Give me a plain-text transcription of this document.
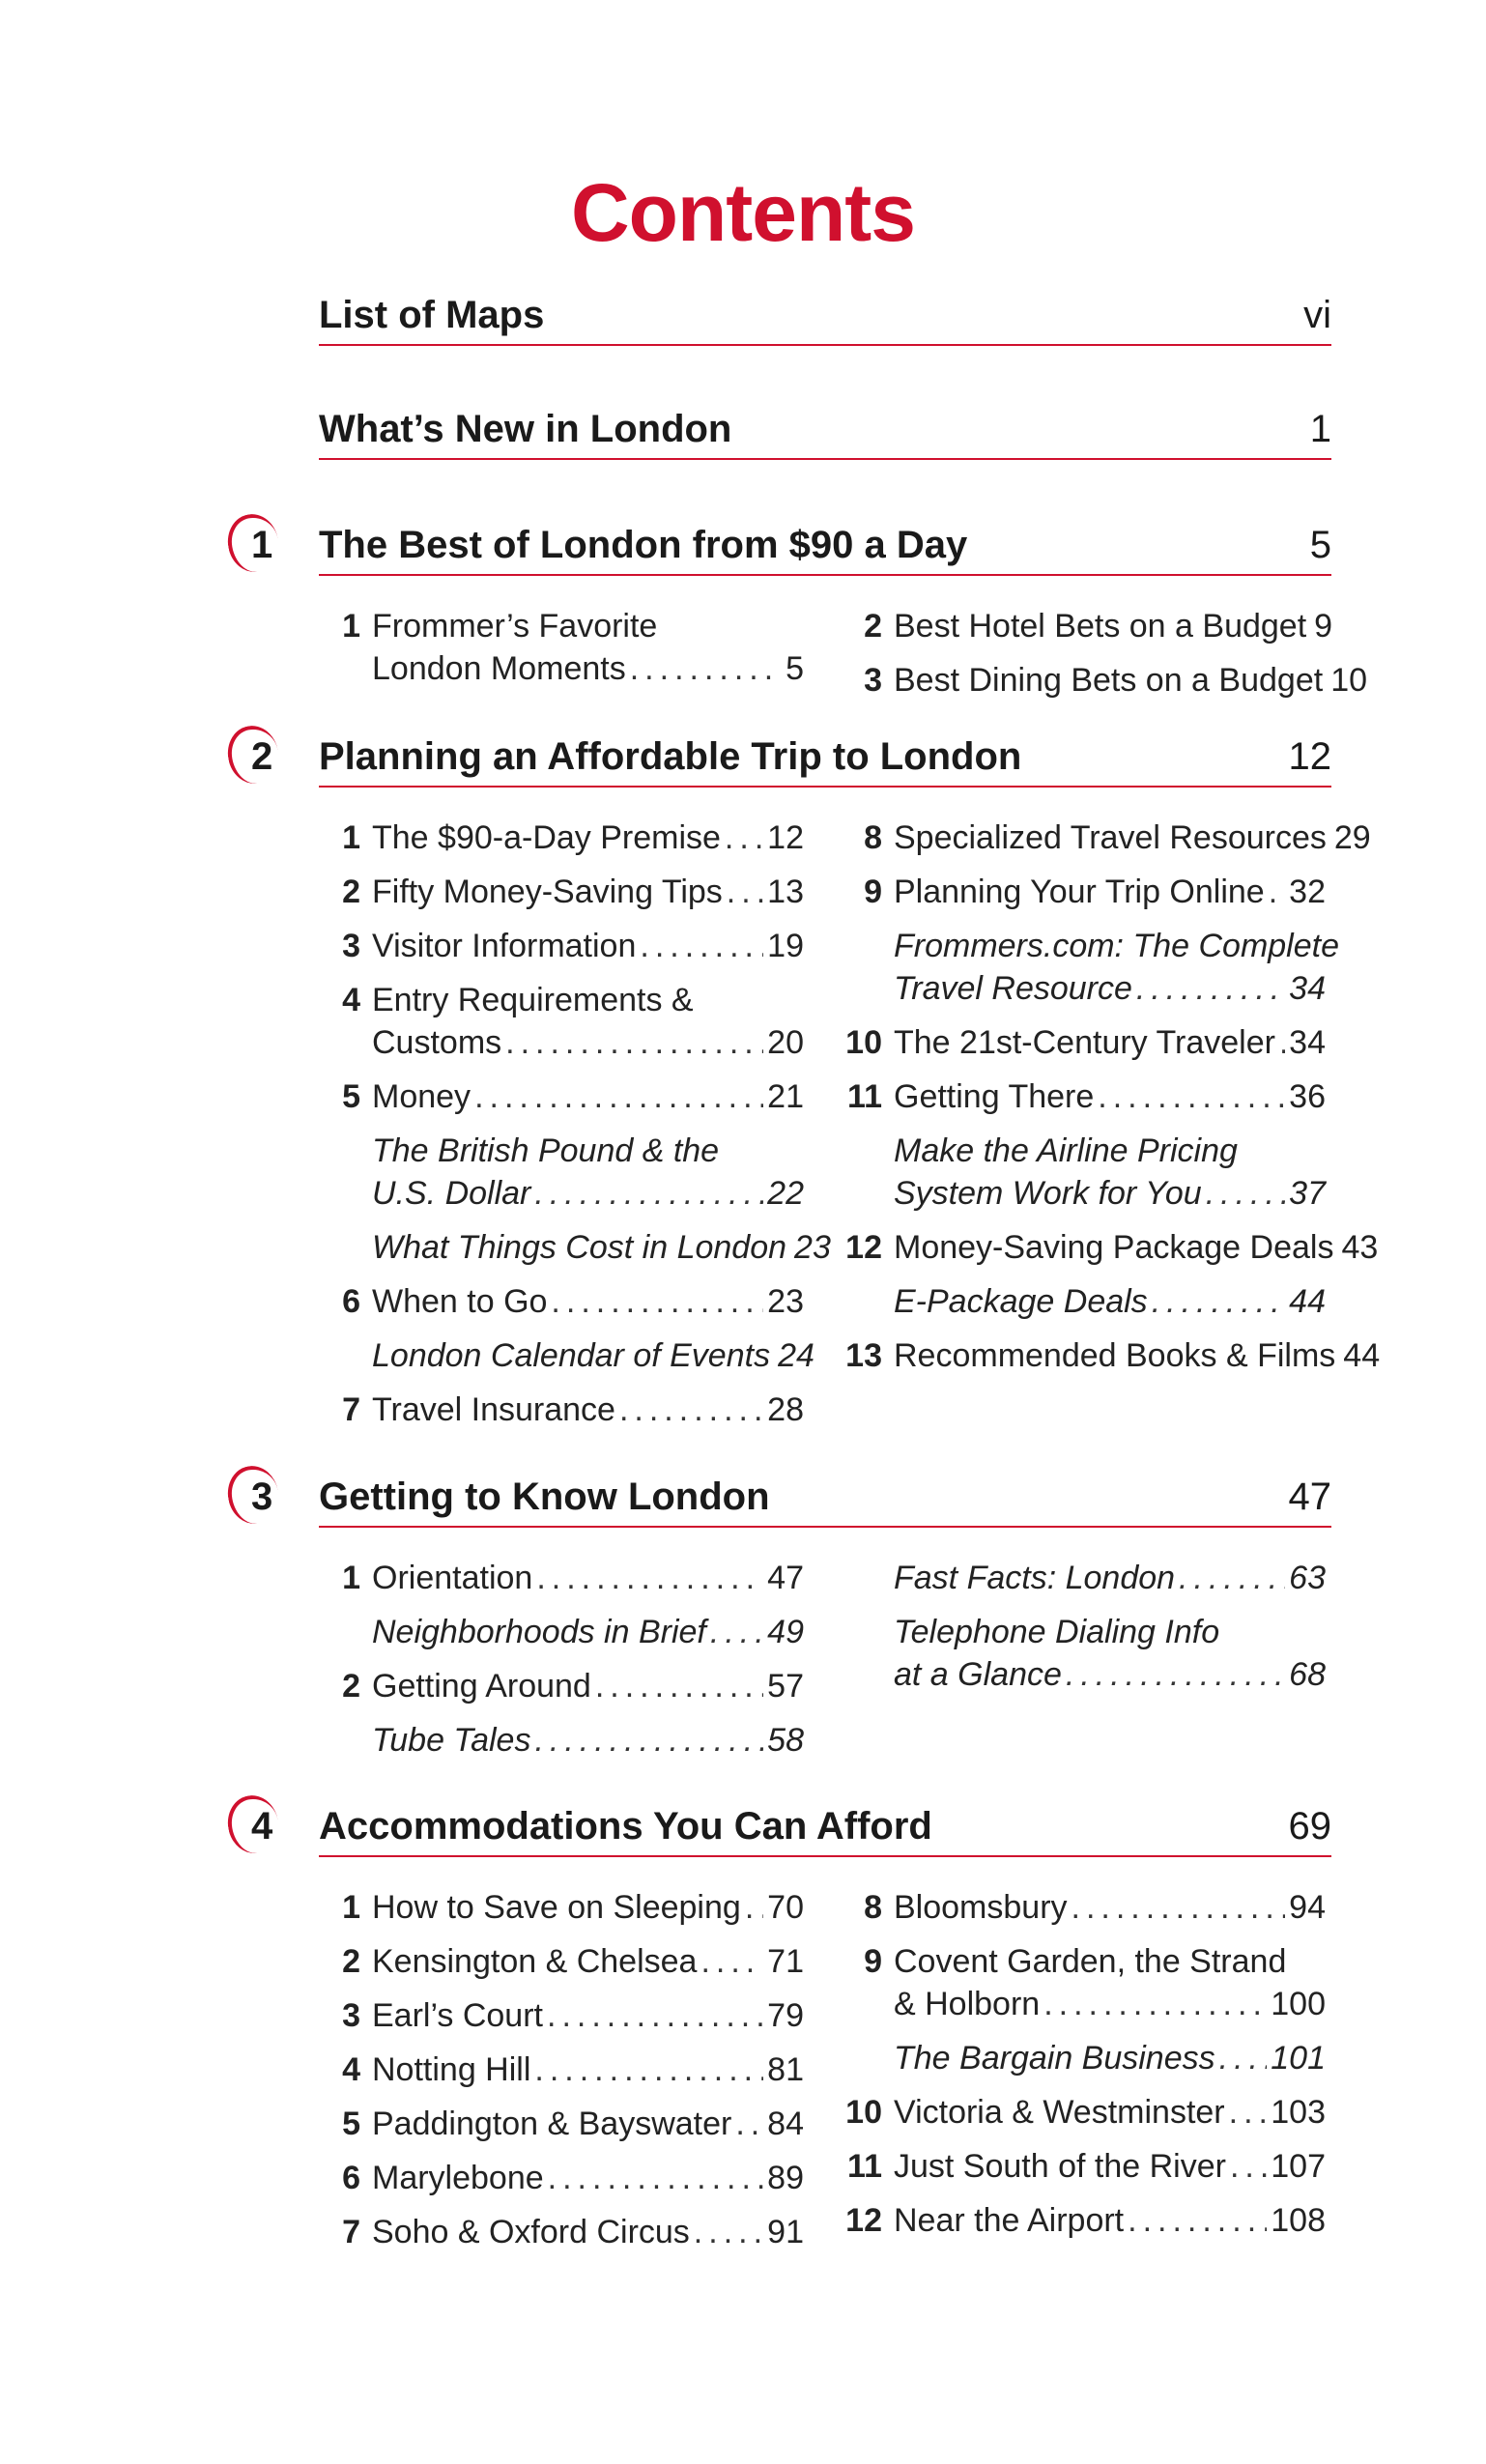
Contents
List of Maps	vi
What’s New in London	1
1 The Best of London from $90 a Day	5
1 Frommer’s Favorite
London Moments .....	5
2 Best Hotel Bets on a Budget 9
3 Best Dining Bets on a Budget 10
2 Planning an Affordable Trip to London	12
1 The $90-a-Day Premise ..... 12
2 Fifty Money-Saving Tips ..... 13
3 Visitor Information .....	19
4 Entry Requirements &
Customs .....	20
5 Money .....	21
The British Pound & the
U.S. Dollar .....	22
What Things Cost in London 23
6 When to Go .....	23
London Calendar of Events 24
7 Travel Insurance .....	28
8 Specialized Travel Resources 29
9 Planning Your Trip Online ..... 32
Frommers.com: The Complete
Travel Resource .....	34
10 The 21st-Century Traveler ..... 34
11 Getting There .....	36
Make the Airline Pricing
System Work for You .....	37
12 Money-Saving Package Deals 43
E-Package Deals .....	44
13 Recommended Books & Films 44
3 Getting to Know London	47
1 Orientation .....	47
Neighborhoods in Brief ..... 49
2 Getting Around .....	57
Tube Tales .....	58
Fast Facts: London .....	63
Telephone Dialing Info
at a Glance .....	68
4 Accommodations You Can Afford	69
1 How to Save on Sleeping ..... 70
2 Kensington & Chelsea ..... 71
3 Earl’s Court .....	79
4 Notting Hill .....	81
5 Paddington & Bayswater ..... 84
6 Marylebone .....	89
7 Soho & Oxford Circus ..... 91
8 Bloomsbury .....	94
9 Covent Garden, the Strand
& Holborn .....	100
The Bargain Business ..... 101
10 Victoria & Westminster ..... 103
11 Just South of the River ..... 107
12 Near the Airport .....	108
